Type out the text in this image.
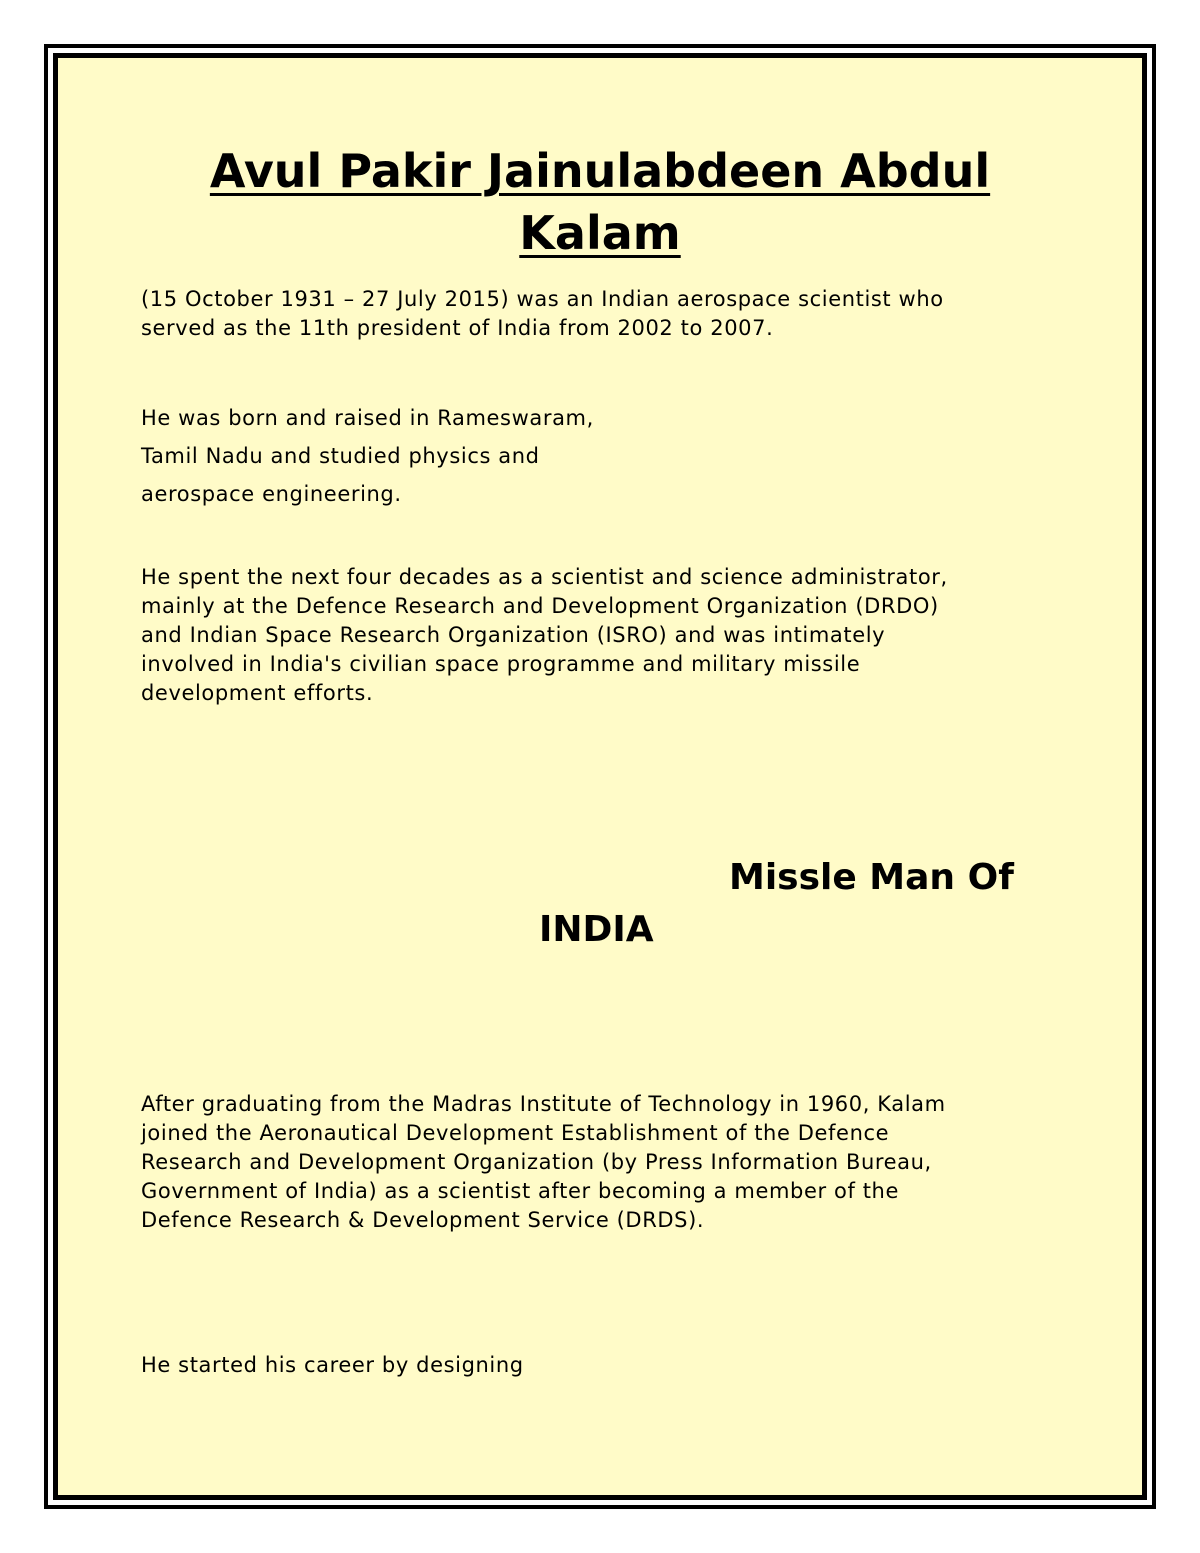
Avul Pakir Jainulabdeen Abdul
Kalam

(15 October 1931 – 27 July 2015) was an Indian aerospace scientist who
served as the 11th president of India from 2002 to 2007.

He was born and raised in Rameswaram,
Tamil Nadu and studied physics and
aerospace engineering.

He spent the next four decades as a scientist and science administrator,
mainly at the Defence Research and Development Organization (DRDO)
and Indian Space Research Organization (ISRO) and was intimately
involved in India's civilian space programme and military missile
development efforts.

Missle Man Of

INDIA

After graduating from the Madras Institute of Technology in 1960, Kalam
joined the Aeronautical Development Establishment of the Defence
Research and Development Organization (by Press Information Bureau,
Government of India) as a scientist after becoming a member of the
Defence Research & Development Service (DRDS).

He started his career by designing
